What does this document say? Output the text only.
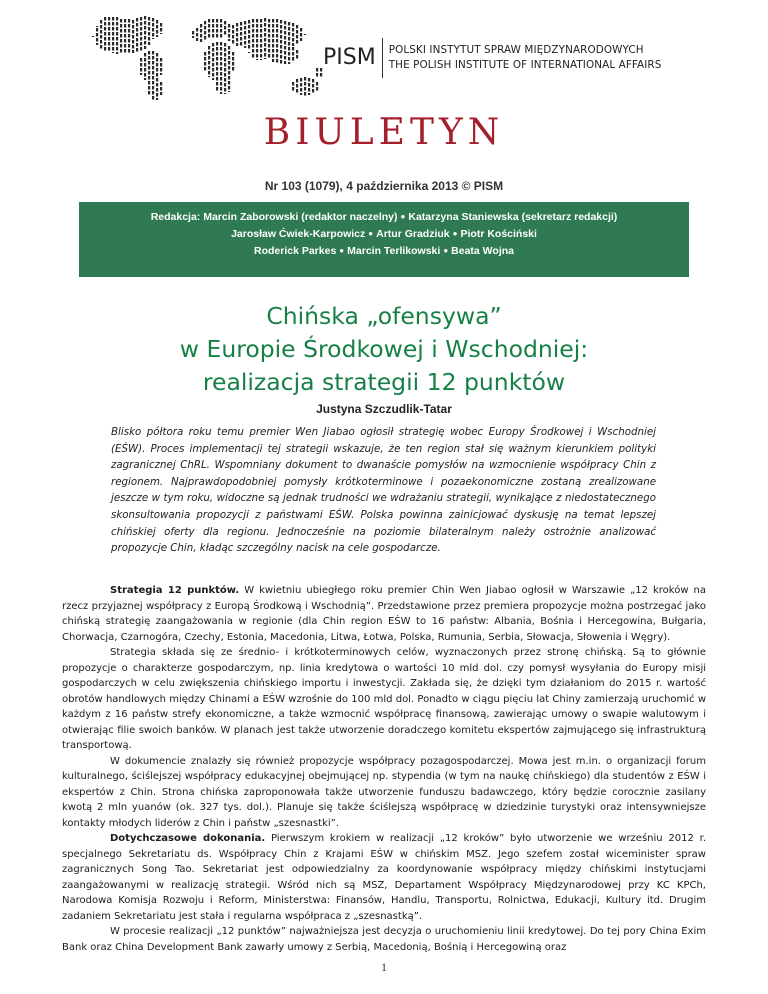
PISM	POLSKI INSTYTUT SPRAW MIĘDZYNARODOWYCH
THE POLISH INSTITUTE OF INTERNATIONAL AFFAIRS
BIULETYN
Nr 103 (1079), 4 października 2013 © PISM
Redakcja: Marcin Zaborowski (redaktor naczelny) ● Katarzyna Staniewska (sekretarz redakcji)
Jarosław Ćwiek-Karpowicz ● Artur Gradziuk ● Piotr Kościński
Roderick Parkes ● Marcin Terlikowski ● Beata Wojna
Chińska „ofensywa”
w Europie Środkowej i Wschodniej:
realizacja strategii 12 punktów
Justyna Szczudlik-Tatar
Blisko półtora roku temu premier Wen Jiabao ogłosił strategię wobec Europy Środkowej i Wschodniej (EŚW). Proces implementacji tej strategii wskazuje, że ten region stał się ważnym kierunkiem polityki zagranicznej ChRL. Wspomniany dokument to dwanaście pomysłów na wzmocnienie współpracy Chin z regionem. Najprawdopodobniej pomysły krótkoterminowe i pozaekonomiczne zostaną zrealizowane jeszcze w tym roku, widoczne są jednak trudności we wdrażaniu strategii, wynikające z niedostatecznego skonsultowania propozycji z państwami EŚW. Polska powinna zainicjować dyskusję na temat lepszej chińskiej oferty dla regionu. Jednocześnie na poziomie bilateralnym należy ostrożnie analizować propozycje Chin, kładąc szczególny nacisk na cele gospodarcze.

Strategia 12 punktów. W kwietniu ubiegłego roku premier Chin Wen Jiabao ogłosił w Warszawie „12 kroków na rzecz przyjaznej współpracy z Europą Środkową i Wschodnią”. Przedstawione przez premiera propozycje można postrzegać jako chińską strategię zaangażowania w regionie (dla Chin region EŚW to 16 państw: Albania, Bośnia i Hercegowina, Bułgaria, Chorwacja, Czarnogóra, Czechy, Estonia, Macedonia, Litwa, Łotwa, Polska, Rumunia, Serbia, Słowacja, Słowenia i Węgry).

Strategia składa się ze średnio- i krótkoterminowych celów, wyznaczonych przez stronę chińską. Są to głównie propozycje o charakterze gospodarczym, np. linia kredytowa o wartości 10 mld dol. czy pomysł wysyłania do Europy misji gospodarczych w celu zwiększenia chińskiego importu i inwestycji. Zakłada się, że dzięki tym działaniom do 2015 r. wartość obrotów handlowych między Chinami a EŚW wzrośnie do 100 mld dol. Ponadto w ciągu pięciu lat Chiny zamierzają uruchomić w każdym z 16 państw strefy ekonomiczne, a także wzmocnić współpracę finansową, zawierając umowy o swapie walutowym i otwierając filie swoich banków. W planach jest także utworzenie doradczego komitetu ekspertów zajmującego się infrastrukturą transportową.

W dokumencie znalazły się również propozycje współpracy pozagospodarczej. Mowa jest m.in. o organizacji forum kulturalnego, ściślejszej współpracy edukacyjnej obejmującej np. stypendia (w tym na naukę chińskiego) dla studentów z EŚW i ekspertów z Chin. Strona chińska zaproponowała także utworzenie funduszu badawczego, który będzie corocznie zasilany kwotą 2 mln yuanów (ok. 327 tys. dol.). Planuje się także ściślejszą współpracę w dziedzinie turystyki oraz intensywniejsze kontakty młodych liderów z Chin i państw „szesnastki”.

Dotychczasowe dokonania. Pierwszym krokiem w realizacji „12 kroków” było utworzenie we wrześniu 2012 r. specjalnego Sekretariatu ds. Współpracy Chin z Krajami EŚW w chińskim MSZ. Jego szefem został wiceminister spraw zagranicznych Song Tao. Sekretariat jest odpowiedzialny za koordynowanie współpracy między chińskimi instytucjami zaangażowanymi w realizację strategii. Wśród nich są MSZ, Departament Współpracy Międzynarodowej przy KC KPCh, Narodowa Komisja Rozwoju i Reform, Ministerstwa: Finansów, Handlu, Transportu, Rolnictwa, Edukacji, Kultury itd. Drugim zadaniem Sekretariatu jest stała i regularna współpraca z „szesnastką”.

W procesie realizacji „12 punktów” najważniejsza jest decyzja o uruchomieniu linii kredytowej. Do tej pory China Exim Bank oraz China Development Bank zawarły umowy z Serbią, Macedonią, Bośnią i Hercegowiną oraz

1
